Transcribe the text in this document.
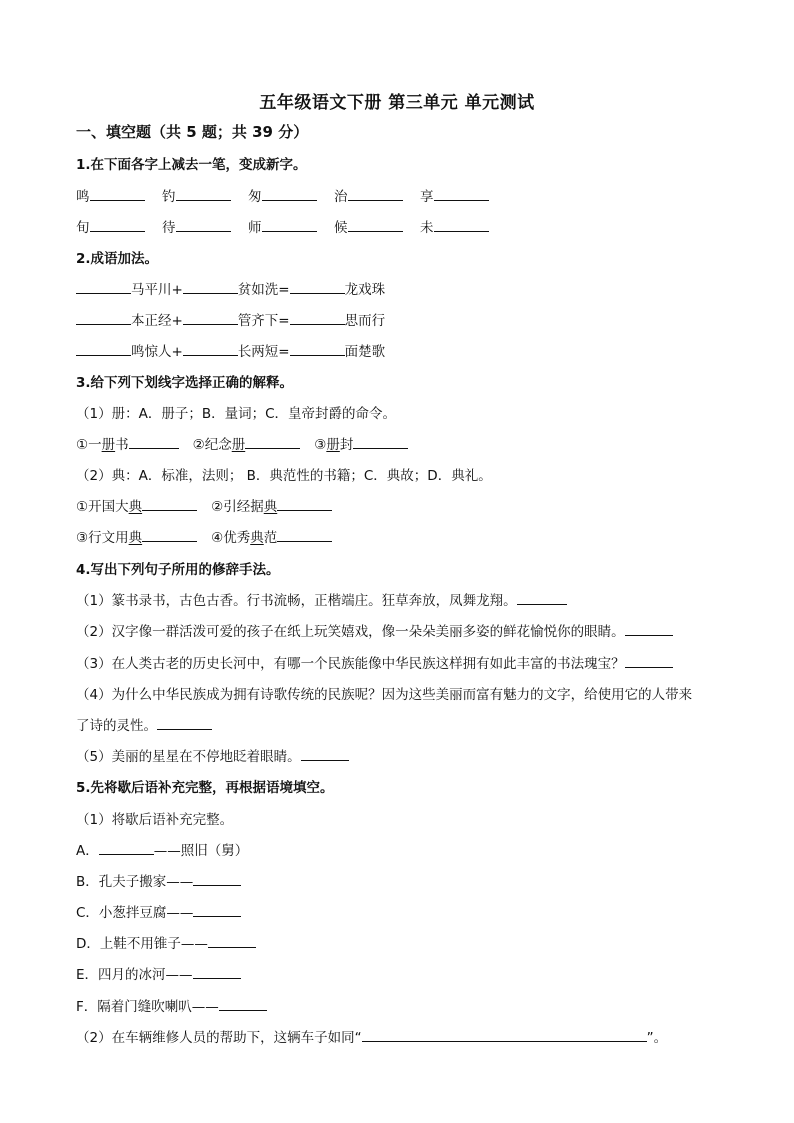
五年级语文下册 第三单元 单元测试
一、填空题（共 5 题；共 39 分）
1.在下面各字上减去一笔，变成新字。
鸣	钓	匆	治	享
旬	待	师	候	未
2.成语加法。
马平川+	贫如洗=	龙戏珠
本正经+	管齐下=	思而行
鸣惊人+	长两短=	面楚歌
3.给下列下划线字选择正确的解释。
（1）册：A．册子；B．量词；C．皇帝封爵的命令。
①一册书	②纪念册	③册封
（2）典：A．标准，法则； B．典范性的书籍；C．典故；D．典礼。
①开国大典	②引经据典
③行文用典	④优秀典范
4.写出下列句子所用的修辞手法。
（1）篆书录书，古色古香。行书流畅，正楷端庄。狂草奔放，凤舞龙翔。
（2）汉字像一群活泼可爱的孩子在纸上玩笑嬉戏，像一朵朵美丽多姿的鲜花愉悦你的眼睛。
（3）在人类古老的历史长河中，有哪一个民族能像中华民族这样拥有如此丰富的书法瑰宝？
（4）为什么中华民族成为拥有诗歌传统的民族呢？因为这些美丽而富有魅力的文字，给使用它的人带来
了诗的灵性。
（5）美丽的星星在不停地眨着眼睛。
5.先将歇后语补充完整，再根据语境填空。
（1）将歇后语补充完整。
A．	——照旧（舅）
B．孔夫子搬家——
C．小葱拌豆腐——
D．上鞋不用锥子——
E．四月的冰河——
F．隔着门缝吹喇叭——
（2）在车辆维修人员的帮助下，这辆车子如同“	”。
